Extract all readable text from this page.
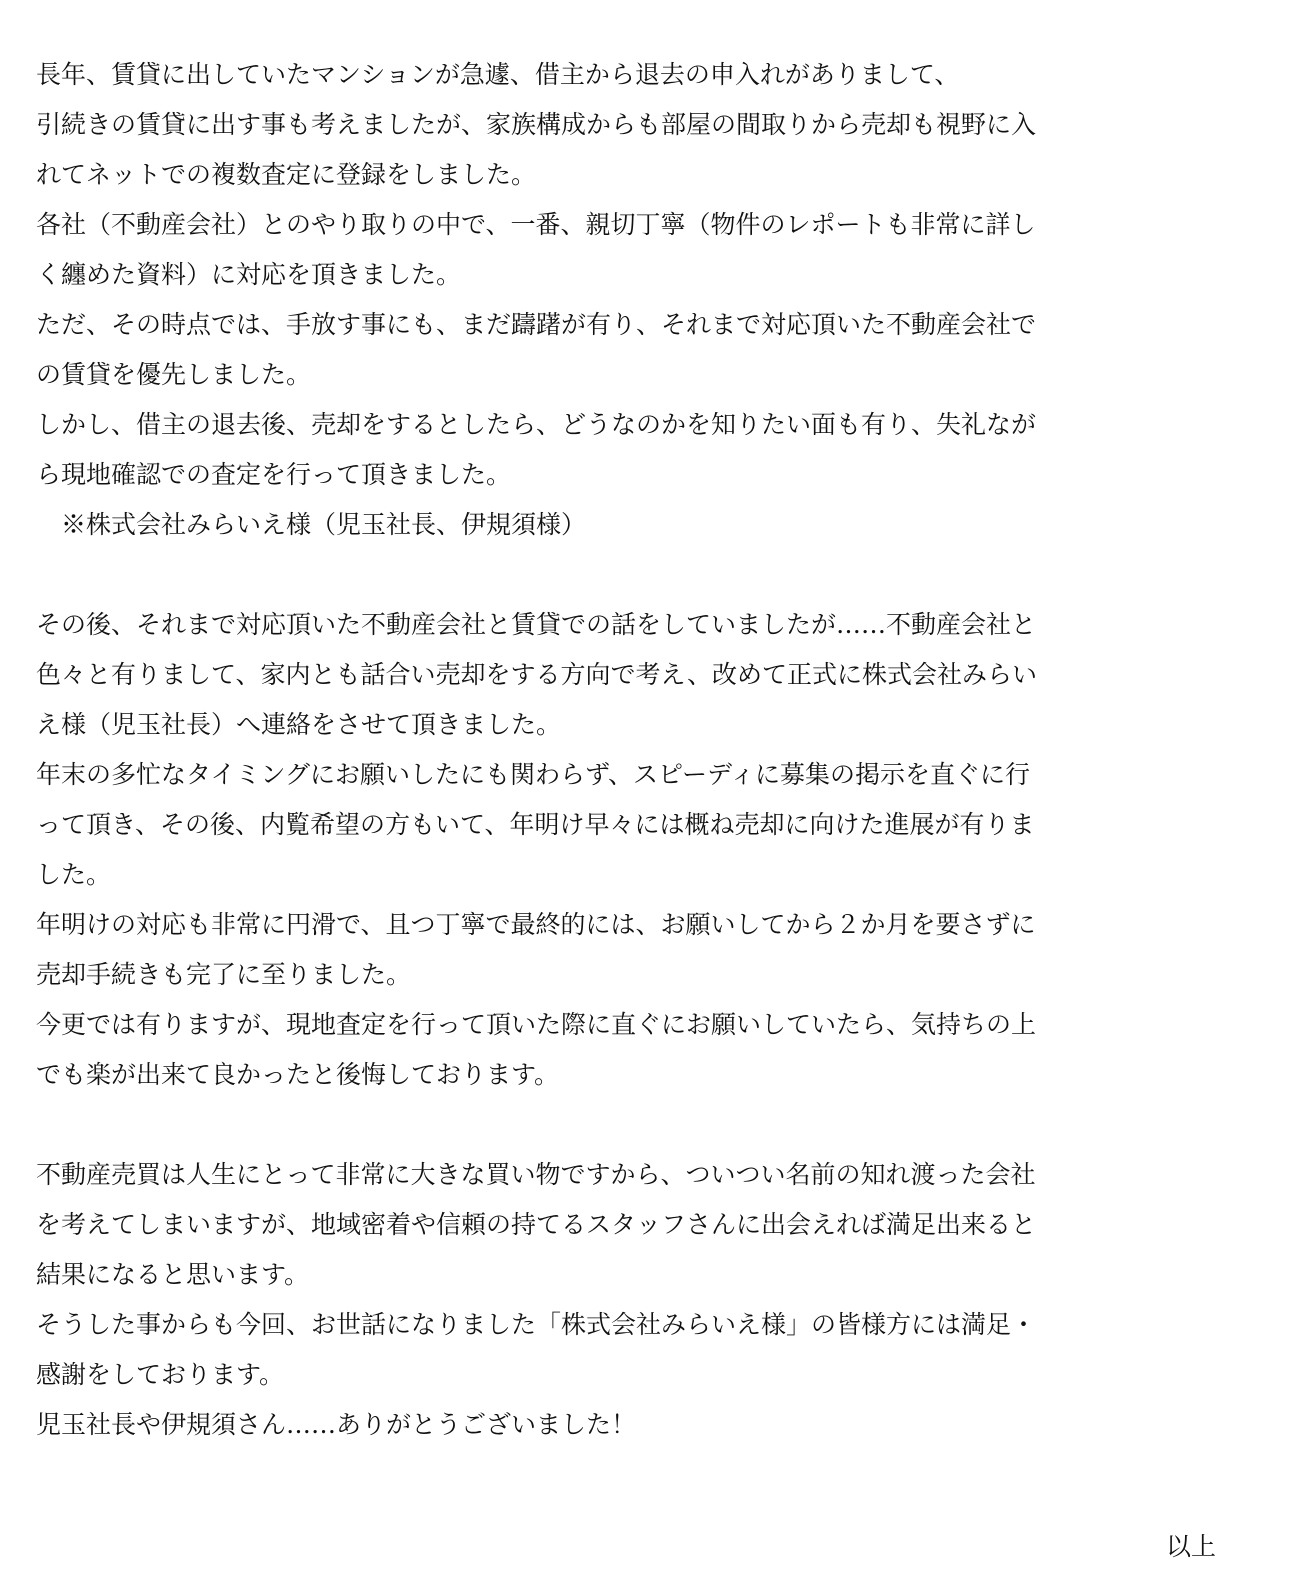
長年、賃貸に出していたマンションが急遽、借主から退去の申入れがありまして、
引続きの賃貸に出す事も考えましたが、家族構成からも部屋の間取りから売却も視野に入
れてネットでの複数査定に登録をしました。
各社（不動産会社）とのやり取りの中で、一番、親切丁寧（物件のレポートも非常に詳し
く纏めた資料）に対応を頂きました。
ただ、その時点では、手放す事にも、まだ躊躇が有り、それまで対応頂いた不動産会社で
の賃貸を優先しました。
しかし、借主の退去後、売却をするとしたら、どうなのかを知りたい面も有り、失礼なが
ら現地確認での査定を行って頂きました。
　※株式会社みらいえ様（児玉社長、伊規須様）
その後、それまで対応頂いた不動産会社と賃貸での話をしていましたが‥‥‥不動産会社と
色々と有りまして、家内とも話合い売却をする方向で考え、改めて正式に株式会社みらい
え様（児玉社長）へ連絡をさせて頂きました。
年末の多忙なタイミングにお願いしたにも関わらず、スピーディに募集の掲示を直ぐに行
って頂き、その後、内覧希望の方もいて、年明け早々には概ね売却に向けた進展が有りま
した。
年明けの対応も非常に円滑で、且つ丁寧で最終的には、お願いしてから２か月を要さずに
売却手続きも完了に至りました。
今更では有りますが、現地査定を行って頂いた際に直ぐにお願いしていたら、気持ちの上
でも楽が出来て良かったと後悔しております。
不動産売買は人生にとって非常に大きな買い物ですから、ついつい名前の知れ渡った会社
を考えてしまいますが、地域密着や信頼の持てるスタッフさんに出会えれば満足出来ると
結果になると思います。
そうした事からも今回、お世話になりました「株式会社みらいえ様」の皆様方には満足・
感謝をしております。
児玉社長や伊規須さん‥‥‥ありがとうございました！
以上
